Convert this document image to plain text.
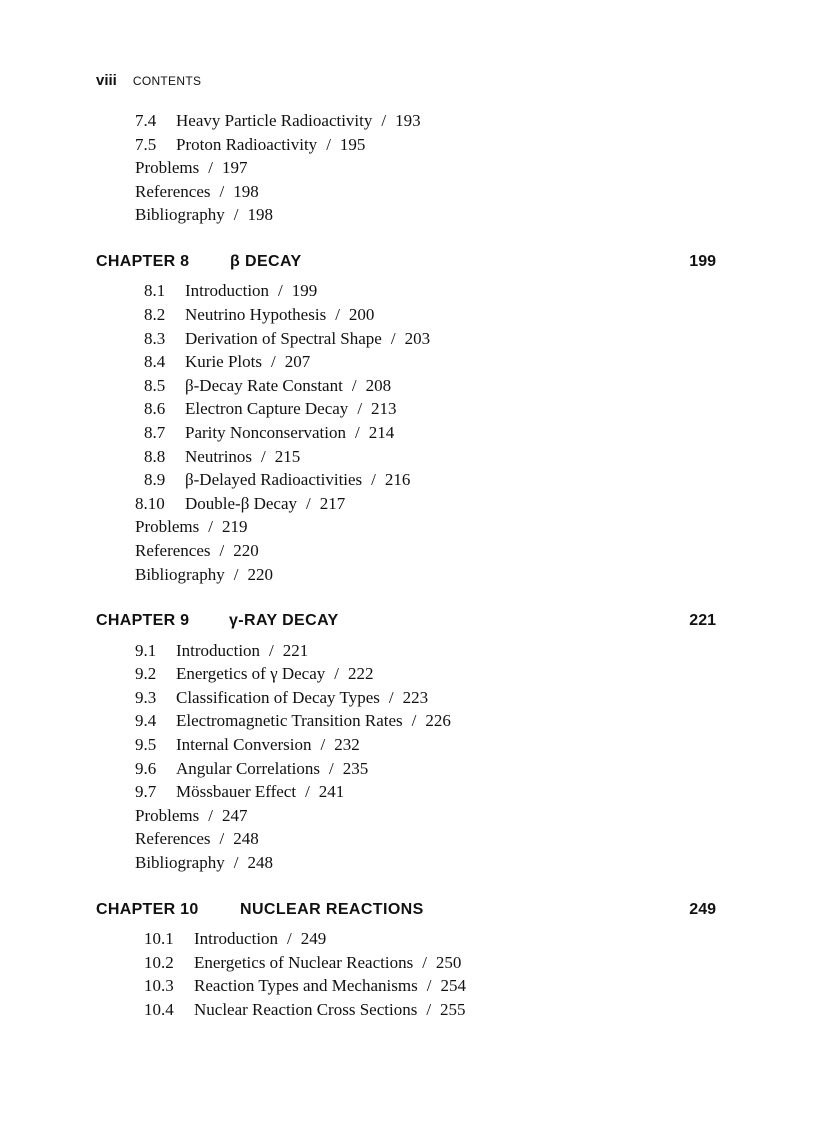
viii CONTENTS
7.4 Heavy Particle Radioactivity / 193
7.5 Proton Radioactivity / 195
Problems / 197
References / 198
Bibliography / 198
CHAPTER 8	β DECAY	199
8.1 Introduction / 199
8.2 Neutrino Hypothesis / 200
8.3 Derivation of Spectral Shape / 203
8.4 Kurie Plots / 207
8.5 β-Decay Rate Constant / 208
8.6 Electron Capture Decay / 213
8.7 Parity Nonconservation / 214
8.8 Neutrinos / 215
8.9 β-Delayed Radioactivities / 216
8.10 Double-β Decay / 217
Problems / 219
References / 220
Bibliography / 220
CHAPTER 9 γ-RAY DECAY	221
9.1 Introduction / 221
9.2 Energetics of γ Decay / 222
9.3 Classification of Decay Types / 223
9.4 Electromagnetic Transition Rates / 226
9.5 Internal Conversion / 232
9.6 Angular Correlations / 235
9.7 Mössbauer Effect / 241
Problems / 247
References / 248
Bibliography / 248
CHAPTER 10	NUCLEAR REACTIONS	249
10.1 Introduction / 249
10.2 Energetics of Nuclear Reactions / 250
10.3 Reaction Types and Mechanisms / 254
10.4 Nuclear Reaction Cross Sections / 255
